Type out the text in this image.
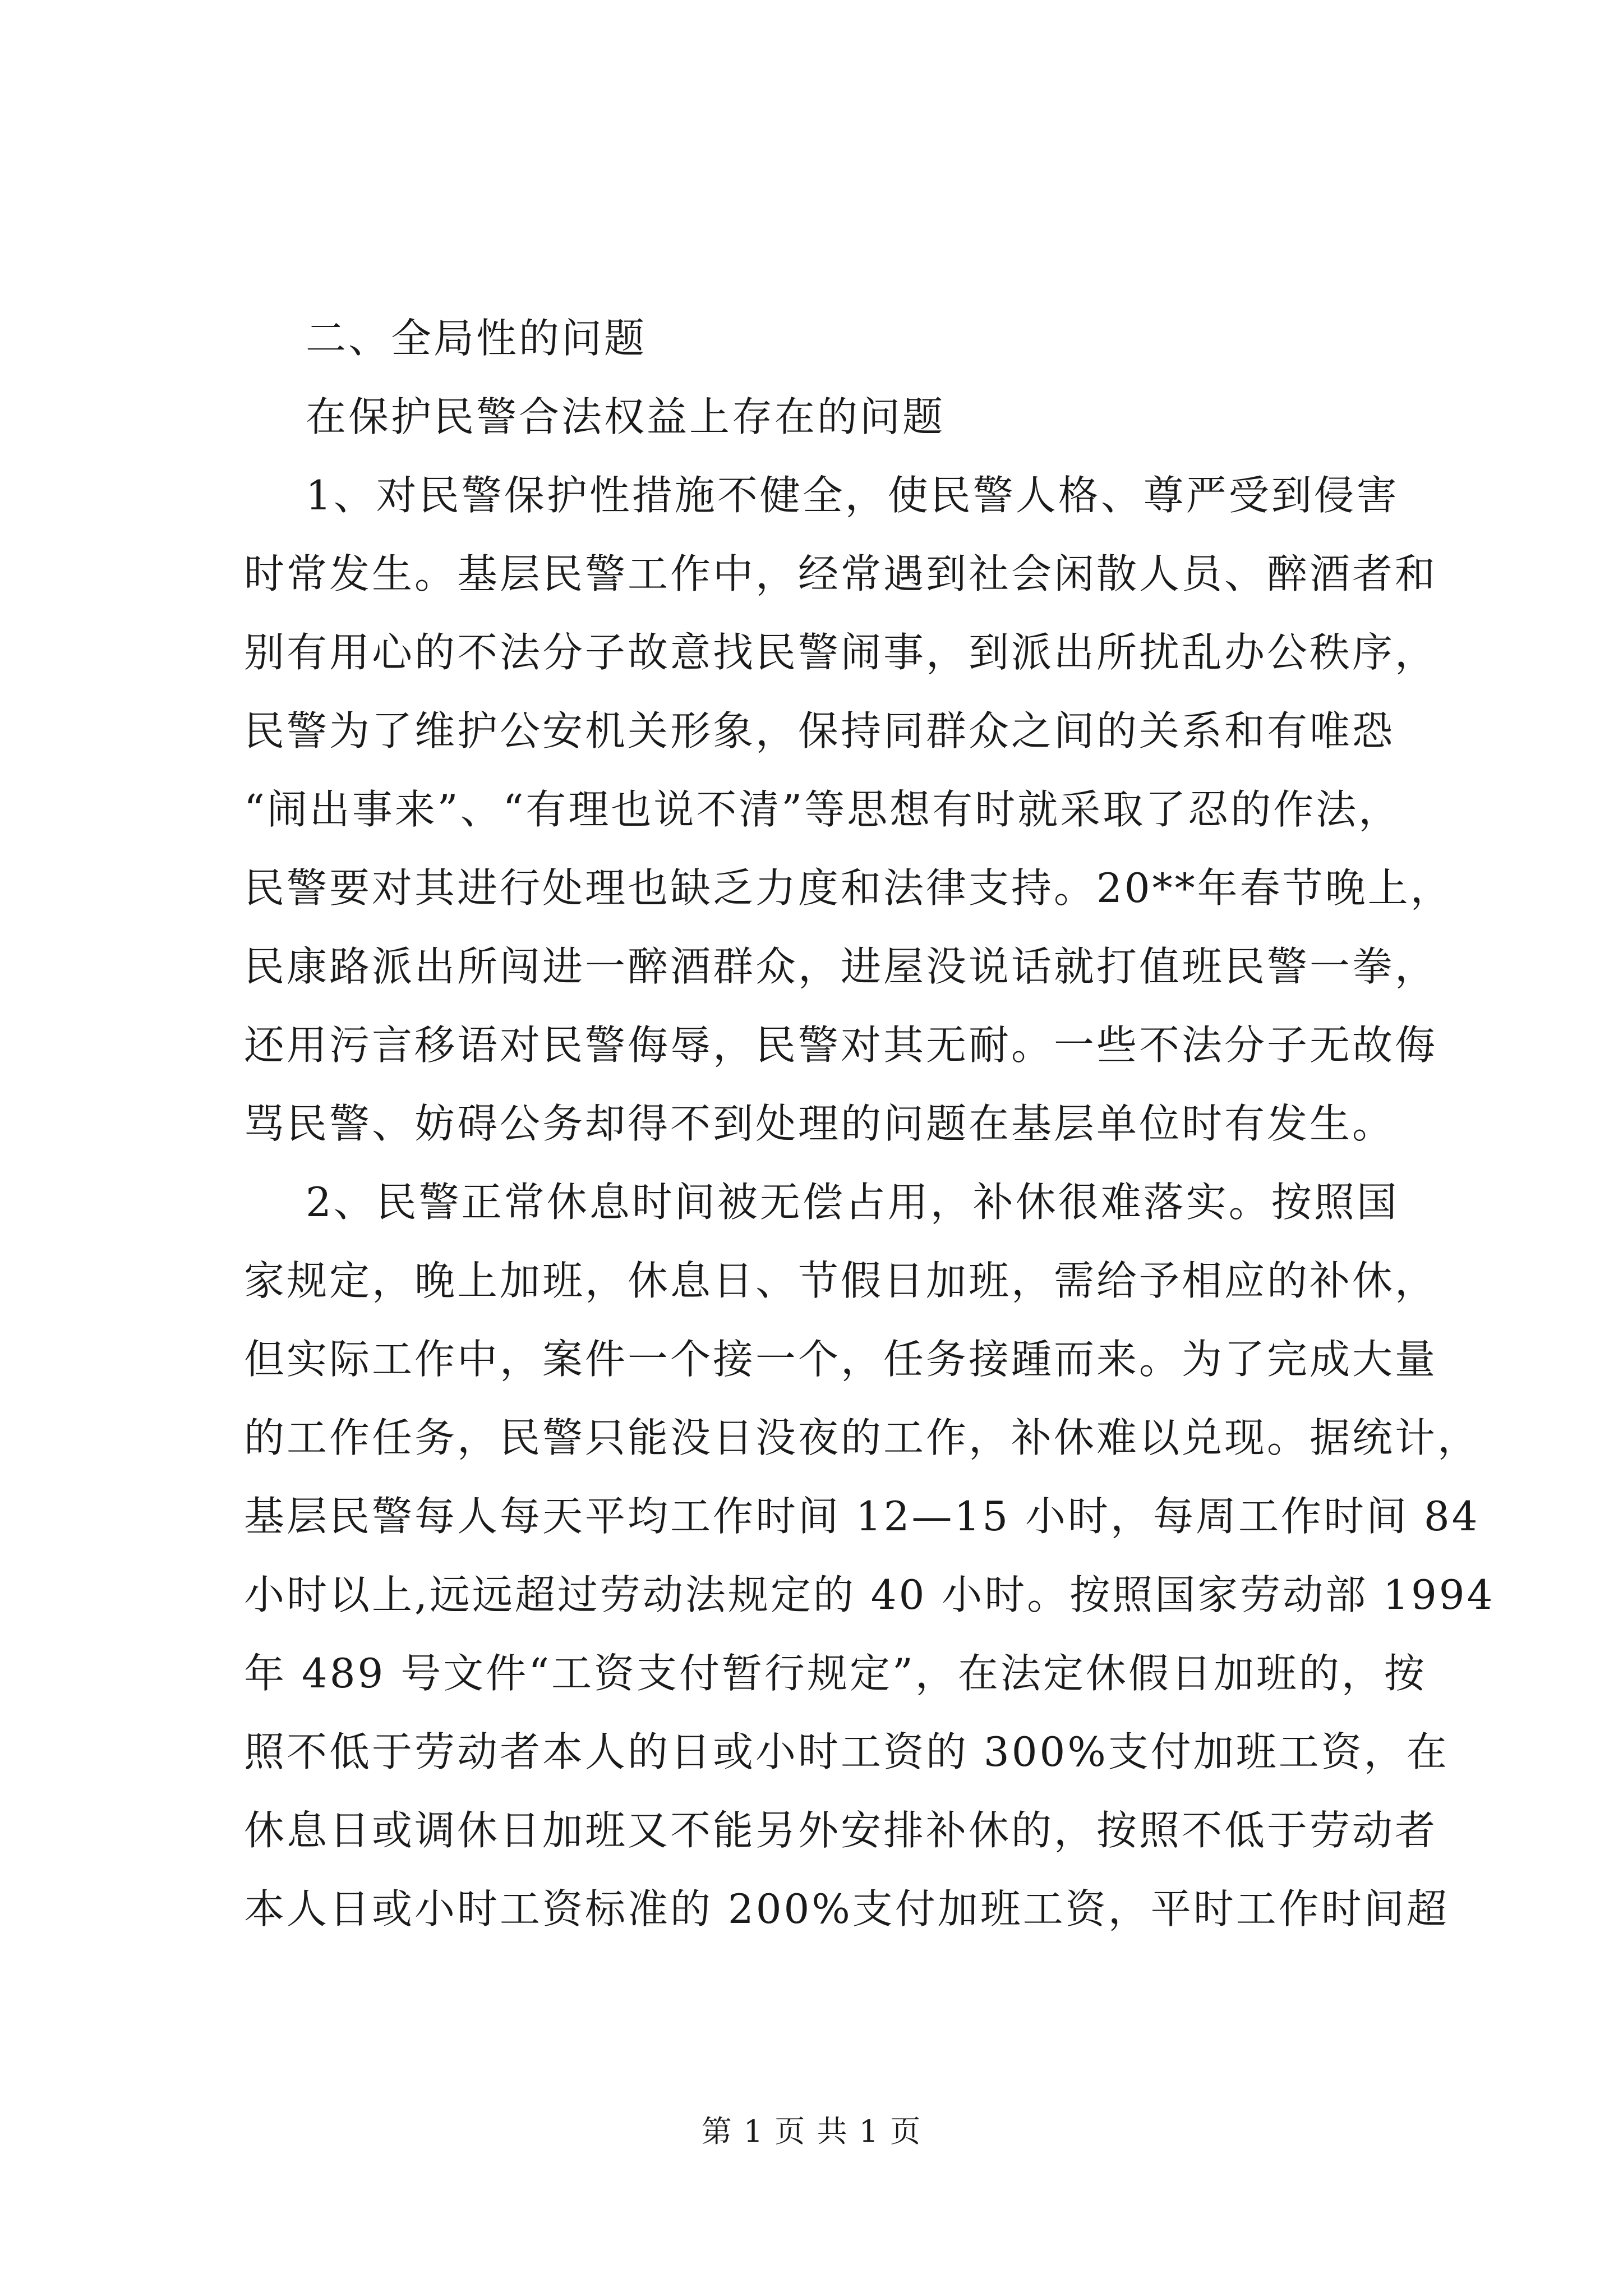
二、全局性的问题
在保护民警合法权益上存在的问题
1、对民警保护性措施不健全，使民警人格、尊严受到侵害
时常发生。基层民警工作中，经常遇到社会闲散人员、醉酒者和
别有用心的不法分子故意找民警闹事，到派出所扰乱办公秩序，
民警为了维护公安机关形象，保持同群众之间的关系和有唯恐
“闹出事来”、“有理也说不清”等思想有时就采取了忍的作法，
民警要对其进行处理也缺乏力度和法律支持。20**年春节晚上，
民康路派出所闯进一醉酒群众，进屋没说话就打值班民警一拳，
还用污言移语对民警侮辱，民警对其无耐。一些不法分子无故侮
骂民警、妨碍公务却得不到处理的问题在基层单位时有发生。
2、民警正常休息时间被无偿占用，补休很难落实。按照国
家规定，晚上加班，休息日、节假日加班，需给予相应的补休，
但实际工作中，案件一个接一个，任务接踵而来。为了完成大量
的工作任务，民警只能没日没夜的工作，补休难以兑现。据统计，
基层民警每人每天平均工作时间 12—15 小时，每周工作时间 84
小时以上,远远超过劳动法规定的 40 小时。按照国家劳动部 1994
年 489 号文件“工资支付暂行规定”，在法定休假日加班的，按
照不低于劳动者本人的日或小时工资的 300%支付加班工资，在
休息日或调休日加班又不能另外安排补休的，按照不低于劳动者
本人日或小时工资标准的 200%支付加班工资，平时工作时间超
第 1 页 共 1 页
